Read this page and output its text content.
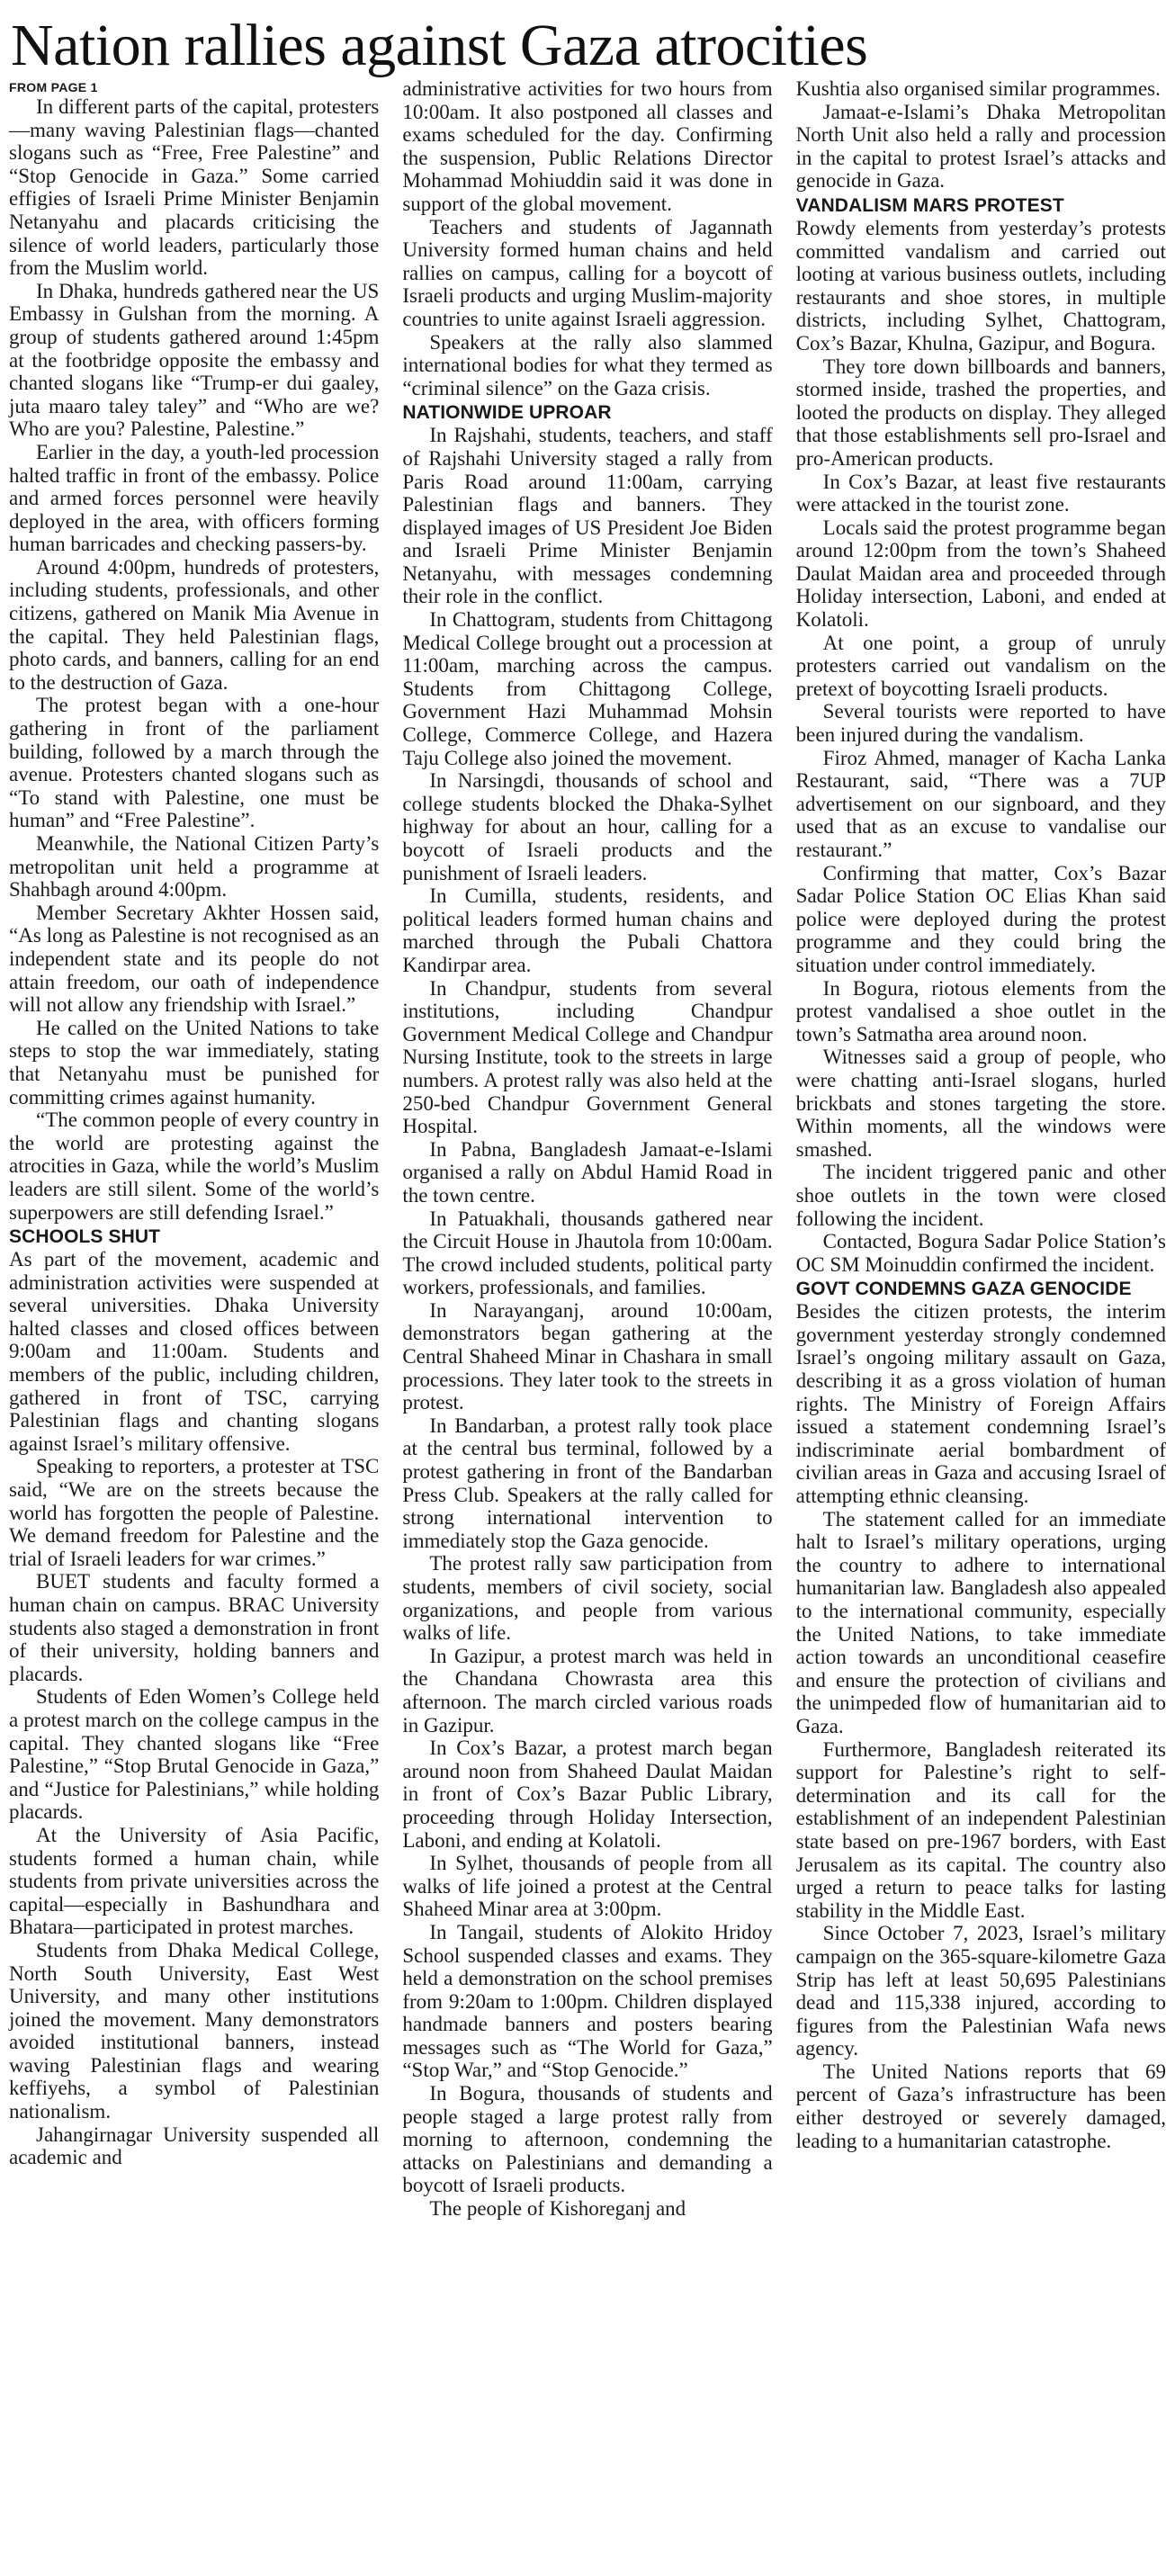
Nation rallies against Gaza atrocities
FROM PAGE 1

In different parts of the capital, protesters—many waving Palestinian flags—chanted slogans such as “Free, Free Palestine” and “Stop Genocide in Gaza.” Some carried effigies of Israeli Prime Minister Benjamin Netanyahu and placards criticising the silence of world leaders, particularly those from the Muslim world.

In Dhaka, hundreds gathered near the US Embassy in Gulshan from the morning. A group of students gathered around 1:45pm at the footbridge opposite the embassy and chanted slogans like “Trump-er dui gaaley, juta maaro taley taley” and “Who are we? Who are you? Palestine, Palestine.”

Earlier in the day, a youth-led procession halted traffic in front of the embassy. Police and armed forces personnel were heavily deployed in the area, with officers forming human barricades and checking passers-by.

Around 4:00pm, hundreds of protesters, including students, professionals, and other citizens, gathered on Manik Mia Avenue in the capital. They held Palestinian flags, photo cards, and banners, calling for an end to the destruction of Gaza.

The protest began with a one-hour gathering in front of the parliament building, followed by a march through the avenue. Protesters chanted slogans such as “To stand with Palestine, one must be human” and “Free Palestine”.

Meanwhile, the National Citizen Party’s metropolitan unit held a programme at Shahbagh around 4:00pm.

Member Secretary Akhter Hossen said, “As long as Palestine is not recognised as an independent state and its people do not attain freedom, our oath of independence will not allow any friendship with Israel.”

He called on the United Nations to take steps to stop the war immediately, stating that Netanyahu must be punished for committing crimes against humanity.

“The common people of every country in the world are protesting against the atrocities in Gaza, while the world’s Muslim leaders are still silent. Some of the world’s superpowers are still defending Israel.”

SCHOOLS SHUT

As part of the movement, academic and administration activities were suspended at several universities. Dhaka University halted classes and closed offices between 9:00am and 11:00am. Students and members of the public, including children, gathered in front of TSC, carrying Palestinian flags and chanting slogans against Israel’s military offensive.

Speaking to reporters, a protester at TSC said, “We are on the streets because the world has forgotten the people of Palestine. We demand freedom for Palestine and the trial of Israeli leaders for war crimes.”

BUET students and faculty formed a human chain on campus. BRAC University students also staged a demonstration in front of their university, holding banners and placards.

Students of Eden Women’s College held a protest march on the college campus in the capital. They chanted slogans like “Free Palestine,” “Stop Brutal Genocide in Gaza,” and “Justice for Palestinians,” while holding placards.

At the University of Asia Pacific, students formed a human chain, while students from private universities across the capital—especially in Bashundhara and Bhatara—participated in protest marches.

Students from Dhaka Medical College, North South University, East West University, and many other institutions joined the movement. Many demonstrators avoided institutional banners, instead waving Palestinian flags and wearing keffiyehs, a symbol of Palestinian nationalism.

Jahangirnagar University suspended all academic and

administrative activities for two hours from 10:00am. It also postponed all classes and exams scheduled for the day. Confirming the suspension, Public Relations Director Mohammad Mohiuddin said it was done in support of the global movement.

Teachers and students of Jagannath University formed human chains and held rallies on campus, calling for a boycott of Israeli products and urging Muslim-majority countries to unite against Israeli aggression.

Speakers at the rally also slammed international bodies for what they termed as “criminal silence” on the Gaza crisis.

NATIONWIDE UPROAR

In Rajshahi, students, teachers, and staff of Rajshahi University staged a rally from Paris Road around 11:00am, carrying Palestinian flags and banners. They displayed images of US President Joe Biden and Israeli Prime Minister Benjamin Netanyahu, with messages condemning their role in the conflict.

In Chattogram, students from Chittagong Medical College brought out a procession at 11:00am, marching across the campus. Students from Chittagong College, Government Hazi Muhammad Mohsin College, Commerce College, and Hazera Taju College also joined the movement.

In Narsingdi, thousands of school and college students blocked the Dhaka-Sylhet highway for about an hour, calling for a boycott of Israeli products and the punishment of Israeli leaders.

In Cumilla, students, residents, and political leaders formed human chains and marched through the Pubali Chattora Kandirpar area.

In Chandpur, students from several institutions, including Chandpur Government Medical College and Chandpur Nursing Institute, took to the streets in large numbers. A protest rally was also held at the 250-bed Chandpur Government General Hospital.

In Pabna, Bangladesh Jamaat-e-Islami organised a rally on Abdul Hamid Road in the town centre.

In Patuakhali, thousands gathered near the Circuit House in Jhautola from 10:00am. The crowd included students, political party workers, professionals, and families.

In Narayanganj, around 10:00am, demonstrators began gathering at the Central Shaheed Minar in Chashara in small processions. They later took to the streets in protest.

In Bandarban, a protest rally took place at the central bus terminal, followed by a protest gathering in front of the Bandarban Press Club. Speakers at the rally called for strong international intervention to immediately stop the Gaza genocide.

The protest rally saw participation from students, members of civil society, social organizations, and people from various walks of life.

In Gazipur, a protest march was held in the Chandana Chowrasta area this afternoon. The march circled various roads in Gazipur.

In Cox’s Bazar, a protest march began around noon from Shaheed Daulat Maidan in front of Cox’s Bazar Public Library, proceeding through Holiday Intersection, Laboni, and ending at Kolatoli.

In Sylhet, thousands of people from all walks of life joined a protest at the Central Shaheed Minar area at 3:00pm.

In Tangail, students of Alokito Hridoy School suspended classes and exams. They held a demonstration on the school premises from 9:20am to 1:00pm. Children displayed handmade banners and posters bearing messages such as “The World for Gaza,” “Stop War,” and “Stop Genocide.”

In Bogura, thousands of students and people staged a large protest rally from morning to afternoon, condemning the attacks on Palestinians and demanding a boycott of Israeli products.

The people of Kishoreganj and

Kushtia also organised similar programmes.

Jamaat-e-Islami’s Dhaka Metropolitan North Unit also held a rally and procession in the capital to protest Israel’s attacks and genocide in Gaza.

VANDALISM MARS PROTEST

Rowdy elements from yesterday’s protests committed vandalism and carried out looting at various business outlets, including restaurants and shoe stores, in multiple districts, including Sylhet, Chattogram, Cox’s Bazar, Khulna, Gazipur, and Bogura.

They tore down billboards and banners, stormed inside, trashed the properties, and looted the products on display. They alleged that those establishments sell pro-Israel and pro-American products.

In Cox’s Bazar, at least five restaurants were attacked in the tourist zone.

Locals said the protest programme began around 12:00pm from the town’s Shaheed Daulat Maidan area and proceeded through Holiday intersection, Laboni, and ended at Kolatoli.

At one point, a group of unruly protesters carried out vandalism on the pretext of boycotting Israeli products.

Several tourists were reported to have been injured during the vandalism.

Firoz Ahmed, manager of Kacha Lanka Restaurant, said, “There was a 7UP advertisement on our signboard, and they used that as an excuse to vandalise our restaurant.”

Confirming that matter, Cox’s Bazar Sadar Police Station OC Elias Khan said police were deployed during the protest programme and they could bring the situation under control immediately.

In Bogura, riotous elements from the protest vandalised a shoe outlet in the town’s Satmatha area around noon.

Witnesses said a group of people, who were chatting anti-Israel slogans, hurled brickbats and stones targeting the store. Within moments, all the windows were smashed.

The incident triggered panic and other shoe outlets in the town were closed following the incident.

Contacted, Bogura Sadar Police Station’s OC SM Moinuddin confirmed the incident.

GOVT CONDEMNS GAZA GENOCIDE

Besides the citizen protests, the interim government yesterday strongly condemned Israel’s ongoing military assault on Gaza, describing it as a gross violation of human rights. The Ministry of Foreign Affairs issued a statement condemning Israel’s indiscriminate aerial bombardment of civilian areas in Gaza and accusing Israel of attempting ethnic cleansing.

The statement called for an immediate halt to Israel’s military operations, urging the country to adhere to international humanitarian law. Bangladesh also appealed to the international community, especially the United Nations, to take immediate action towards an unconditional ceasefire and ensure the protection of civilians and the unimpeded flow of humanitarian aid to Gaza.

Furthermore, Bangladesh reiterated its support for Palestine’s right to self-determination and its call for the establishment of an independent Palestinian state based on pre-1967 borders, with East Jerusalem as its capital. The country also urged a return to peace talks for lasting stability in the Middle East.

Since October 7, 2023, Israel’s military campaign on the 365-square-kilometre Gaza Strip has left at least 50,695 Palestinians dead and 115,338 injured, according to figures from the Palestinian Wafa news agency.

The United Nations reports that 69 percent of Gaza’s infrastructure has been either destroyed or severely damaged, leading to a humanitarian catastrophe.
